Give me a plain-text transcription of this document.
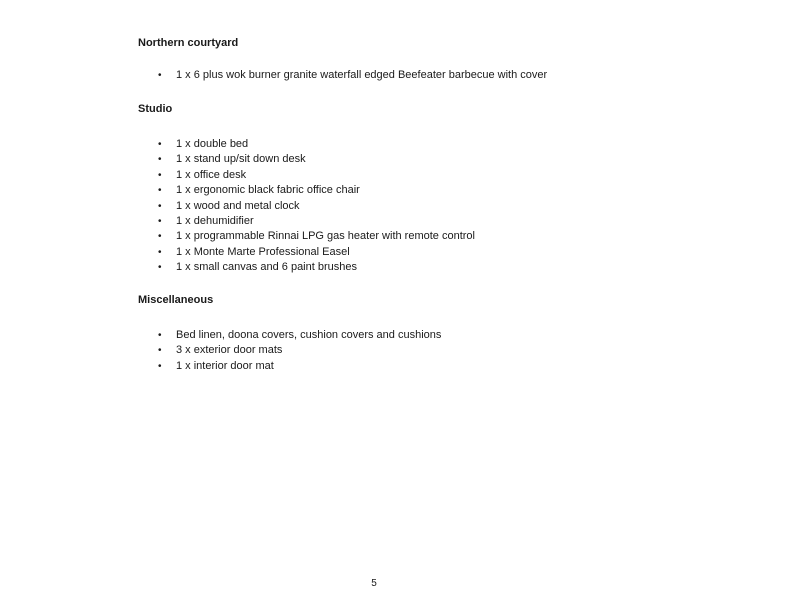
Northern courtyard
• 1 x 6 plus wok burner granite waterfall edged Beefeater barbecue with cover
Studio
• 1 x double bed
• 1 x stand up/sit down desk
• 1 x office desk
• 1 x ergonomic black fabric office chair
• 1 x wood and metal clock
• 1 x dehumidifier
• 1 x programmable Rinnai LPG gas heater with remote control
• 1 x Monte Marte Professional Easel
• 1 x small canvas and 6 paint brushes
Miscellaneous
• Bed linen, doona covers, cushion covers and cushions
• 3 x exterior door mats
• 1 x interior door mat
5
